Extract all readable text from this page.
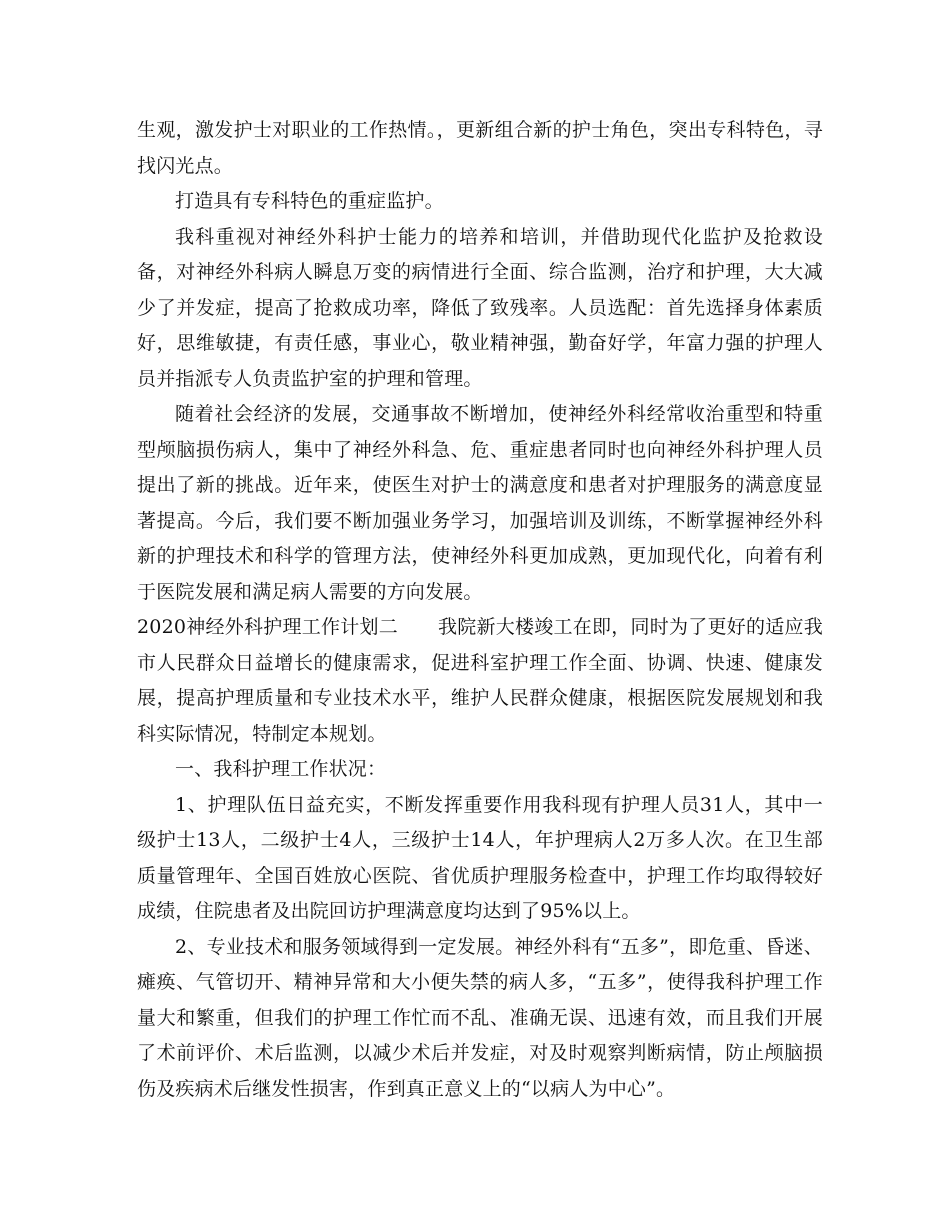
生观，激发护士对职业的工作热情。，更新组合新的护士角色，突出专科特色，寻找闪光点。

打造具有专科特色的重症监护。

我科重视对神经外科护士能力的培养和培训，并借助现代化监护及抢救设备，对神经外科病人瞬息万变的病情进行全面、综合监测，治疗和护理，大大减少了并发症，提高了抢救成功率，降低了致残率。人员选配：首先选择身体素质好，思维敏捷，有责任感，事业心，敬业精神强，勤奋好学，年富力强的护理人员并指派专人负责监护室的护理和管理。

随着社会经济的发展，交通事故不断增加，使神经外科经常收治重型和特重型颅脑损伤病人，集中了神经外科急、危、重症患者同时也向神经外科护理人员提出了新的挑战。近年来，使医生对护士的满意度和患者对护理服务的满意度显著提高。今后，我们要不断加强业务学习，加强培训及训练，不断掌握神经外科新的护理技术和科学的管理方法，使神经外科更加成熟，更加现代化，向着有利于医院发展和满足病人需要的方向发展。

2020神经外科护理工作计划二 我院新大楼竣工在即，同时为了更好的适应我市人民群众日益增长的健康需求，促进科室护理工作全面、协调、快速、健康发展，提高护理质量和专业技术水平，维护人民群众健康，根据医院发展规划和我科实际情况，特制定本规划。

一、我科护理工作状况：

1、护理队伍日益充实，不断发挥重要作用我科现有护理人员31人，其中一级护士13人，二级护士4人，三级护士14人，年护理病人2万多人次。在卫生部质量管理年、全国百姓放心医院、省优质护理服务检查中，护理工作均取得较好成绩，住院患者及出院回访护理满意度均达到了95%以上。

2、专业技术和服务领域得到一定发展。神经外科有“五多”，即危重、昏迷、瘫痪、气管切开、精神异常和大小便失禁的病人多，“五多”，使得我科护理工作量大和繁重，但我们的护理工作忙而不乱、准确无误、迅速有效，而且我们开展了术前评价、术后监测，以减少术后并发症，对及时观察判断病情，防止颅脑损伤及疾病术后继发性损害，作到真正意义上的“以病人为中心”。
